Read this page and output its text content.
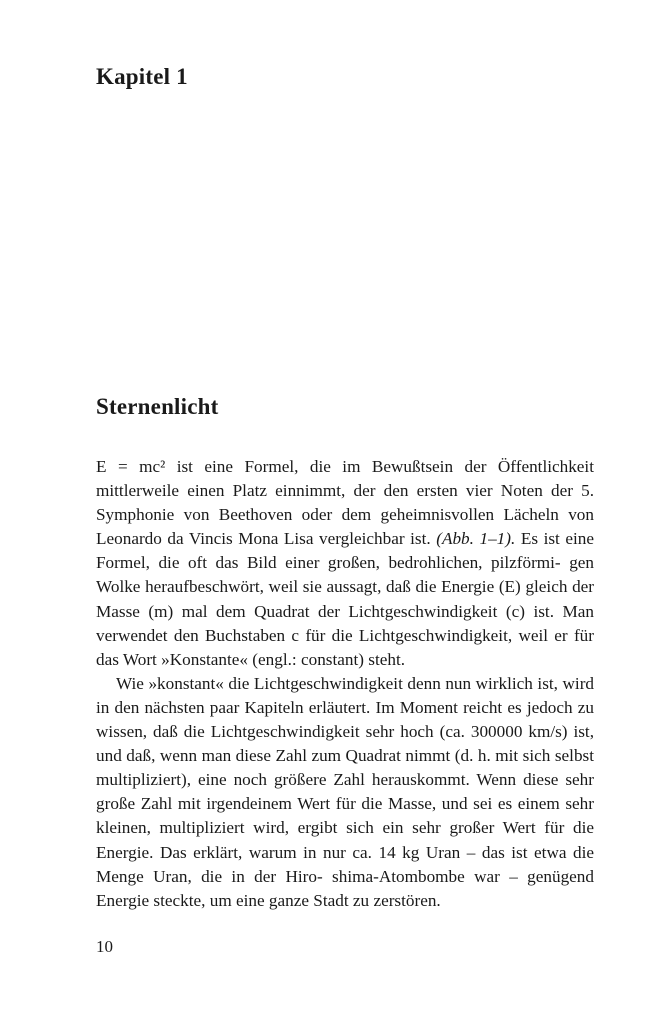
Kapitel 1
Sternenlicht

E = mc² ist eine Formel, die im Bewußtsein der Öffentlichkeit mittlerweile einen Platz einnimmt, der den ersten vier Noten der 5. Symphonie von Beethoven oder dem geheimnisvollen Lächeln von Leonardo da Vincis Mona Lisa vergleichbar ist. (Abb. 1–1). Es ist eine Formel, die oft das Bild einer großen, bedrohlichen, pilzförmi- gen Wolke heraufbeschwört, weil sie aussagt, daß die Energie (E) gleich der Masse (m) mal dem Quadrat der Lichtgeschwindigkeit (c) ist. Man verwendet den Buchstaben c für die Lichtgeschwindigkeit, weil er für das Wort »Konstante« (engl.: constant) steht.

Wie »konstant« die Lichtgeschwindigkeit denn nun wirklich ist, wird in den nächsten paar Kapiteln erläutert. Im Moment reicht es jedoch zu wissen, daß die Lichtgeschwindigkeit sehr hoch (ca. 300000 km/s) ist, und daß, wenn man diese Zahl zum Quadrat nimmt (d. h. mit sich selbst multipliziert), eine noch größere Zahl herauskommt. Wenn diese sehr große Zahl mit irgendeinem Wert für die Masse, und sei es einem sehr kleinen, multipliziert wird, ergibt sich ein sehr großer Wert für die Energie. Das erklärt, warum in nur ca. 14 kg Uran – das ist etwa die Menge Uran, die in der Hiro- shima-Atombombe war – genügend Energie steckte, um eine ganze Stadt zu zerstören.

10
